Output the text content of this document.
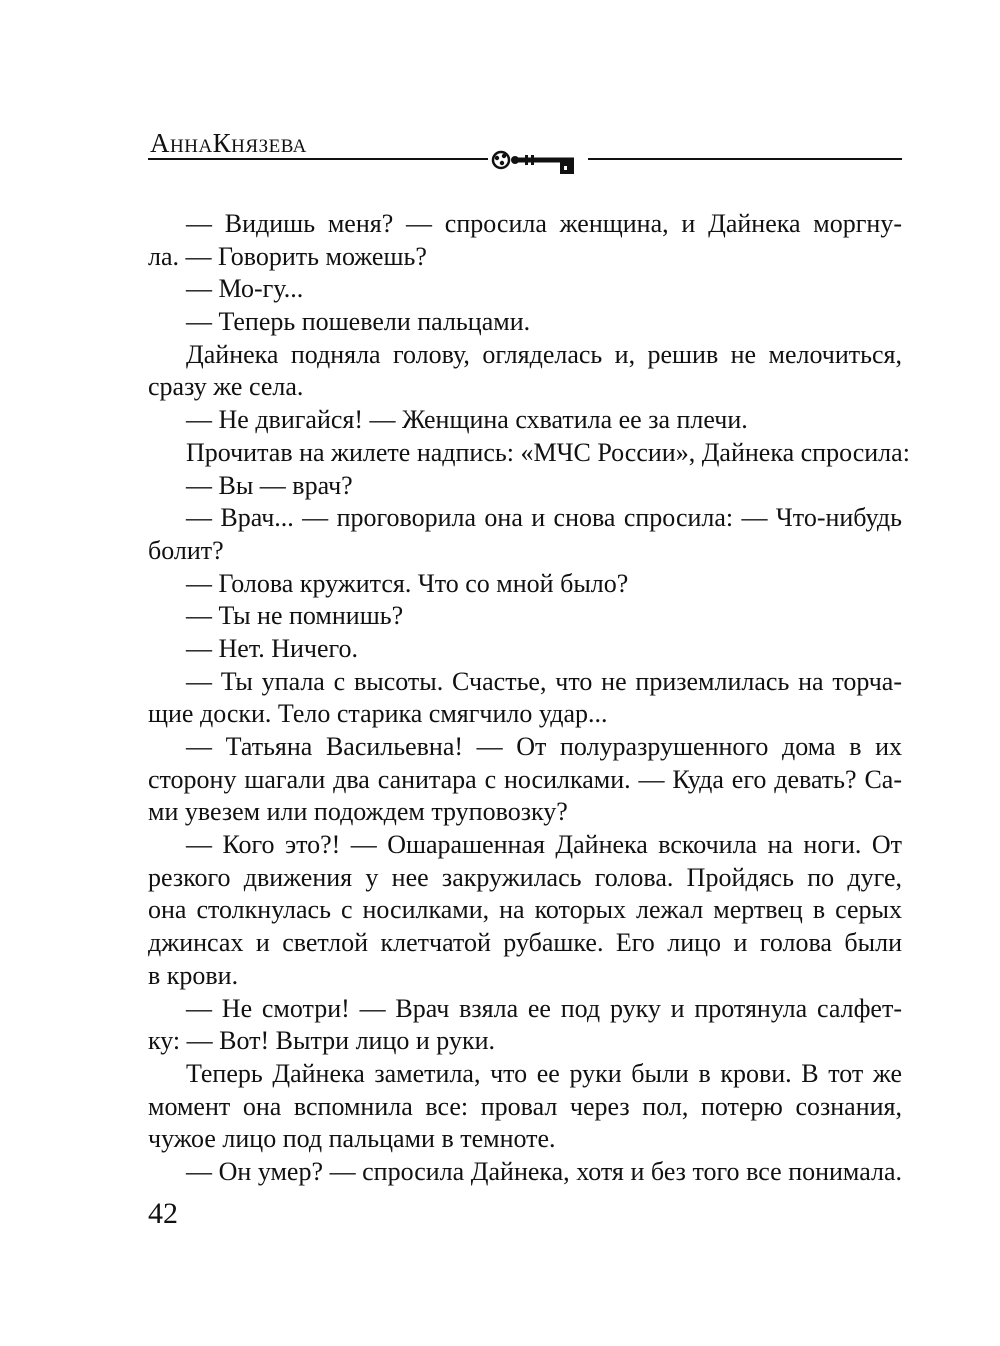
АннаКнязева
— Видишь меня? — спросила женщина, и Дайнека моргну-
ла. — Говорить можешь?
— Мо-гу...
— Теперь пошевели пальцами.
Дайнека подняла голову, огляделась и, решив не мелочиться,
сразу же села.
— Не двигайся! — Женщина схватила ее за плечи.
Прочитав на жилете надпись: «МЧС России», Дайнека спросила:
— Вы — врач?
— Врач... — проговорила она и снова спросила: — Что-нибудь
болит?
— Голова кружится. Что со мной было?
— Ты не помнишь?
— Нет. Ничего.
— Ты упала с высоты. Счастье, что не приземлилась на торча-
щие доски. Тело старика смягчило удар...
— Татьяна Васильевна! — От полуразрушенного дома в их
сторону шагали два санитара с носилками. — Куда его девать? Са-
ми увезем или подождем труповозку?
— Кого это?! — Ошарашенная Дайнека вскочила на ноги. От
резкого движения у нее закружилась голова. Пройдясь по дуге,
она столкнулась с носилками, на которых лежал мертвец в серых
джинсах и светлой клетчатой рубашке. Его лицо и голова были
в крови.
— Не смотри! — Врач взяла ее под руку и протянула салфет-
ку: — Вот! Вытри лицо и руки.
Теперь Дайнека заметила, что ее руки были в крови. В тот же
момент она вспомнила все: провал через пол, потерю сознания,
чужое лицо под пальцами в темноте.
— Он умер? — спросила Дайнека, хотя и без того все понимала.
42
